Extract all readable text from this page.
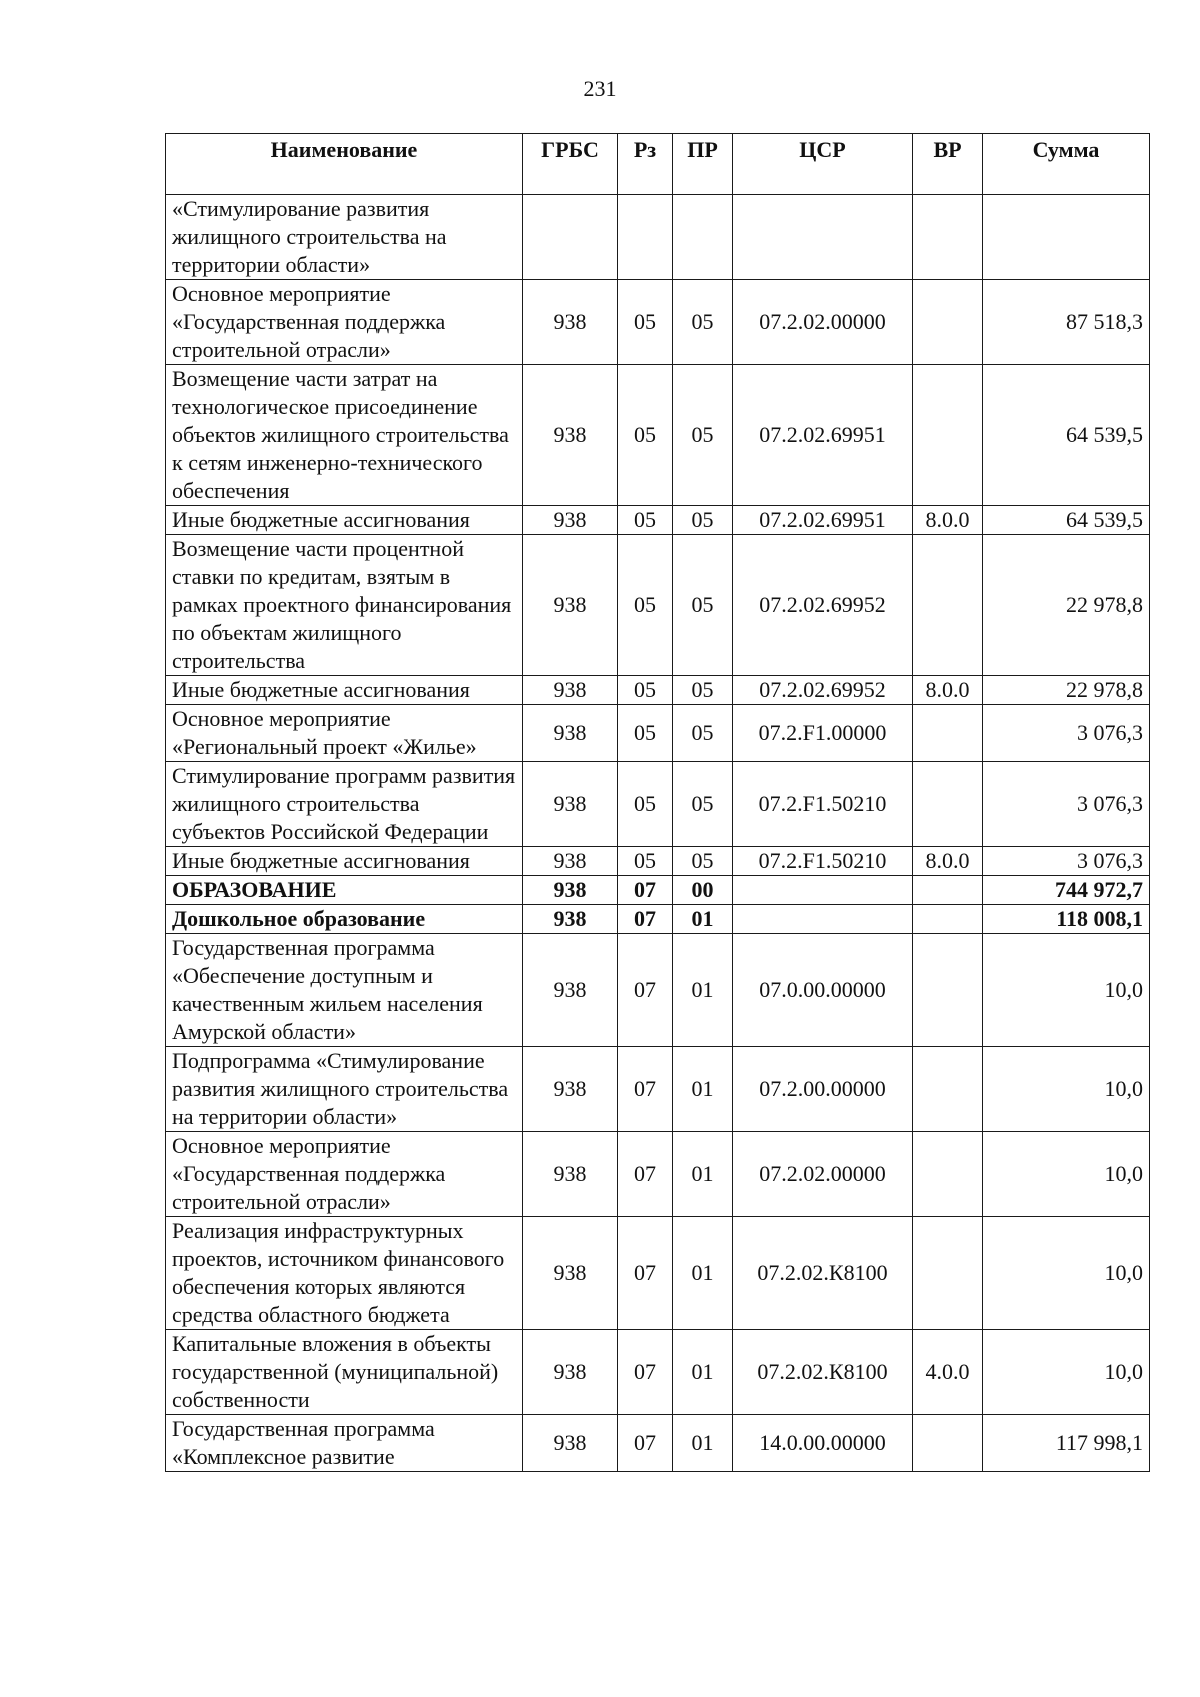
231
Наименование	ГРБС	Рз	ПР	ЦСР	ВР	Сумма
«Стимулирование развития жилищного строительства на территории области»						
Основное мероприятие «Государственная поддержка строительной отрасли»	938	05	05	07.2.02.00000		87 518,3
Возмещение части затрат на технологическое присоединение объектов жилищного строительства к сетям инженерно-технического обеспечения	938	05	05	07.2.02.69951		64 539,5
Иные бюджетные ассигнования	938	05	05	07.2.02.69951	8.0.0	64 539,5
Возмещение части процентной ставки по кредитам, взятым в рамках проектного финансирования по объектам жилищного строительства	938	05	05	07.2.02.69952		22 978,8
Иные бюджетные ассигнования	938	05	05	07.2.02.69952	8.0.0	22 978,8
Основное мероприятие «Региональный проект «Жилье»	938	05	05	07.2.F1.00000		3 076,3
Стимулирование программ развития жилищного строительства субъектов Российской Федерации	938	05	05	07.2.F1.50210		3 076,3
Иные бюджетные ассигнования	938	05	05	07.2.F1.50210	8.0.0	3 076,3
ОБРАЗОВАНИЕ	938	07	00			744 972,7
Дошкольное образование	938	07	01			118 008,1
Государственная программа «Обеспечение доступным и качественным жильем населения Амурской области»	938	07	01	07.0.00.00000		10,0
Подпрограмма «Стимулирование развития жилищного строительства на территории области»	938	07	01	07.2.00.00000		10,0
Основное мероприятие «Государственная поддержка строительной отрасли»	938	07	01	07.2.02.00000		10,0
Реализация инфраструктурных проектов, источником финансового обеспечения которых являются средства областного бюджета	938	07	01	07.2.02.К8100		10,0
Капитальные вложения в объекты государственной (муниципальной) собственности	938	07	01	07.2.02.К8100	4.0.0	10,0
Государственная программа «Комплексное развитие	938	07	01	14.0.00.00000		117 998,1
